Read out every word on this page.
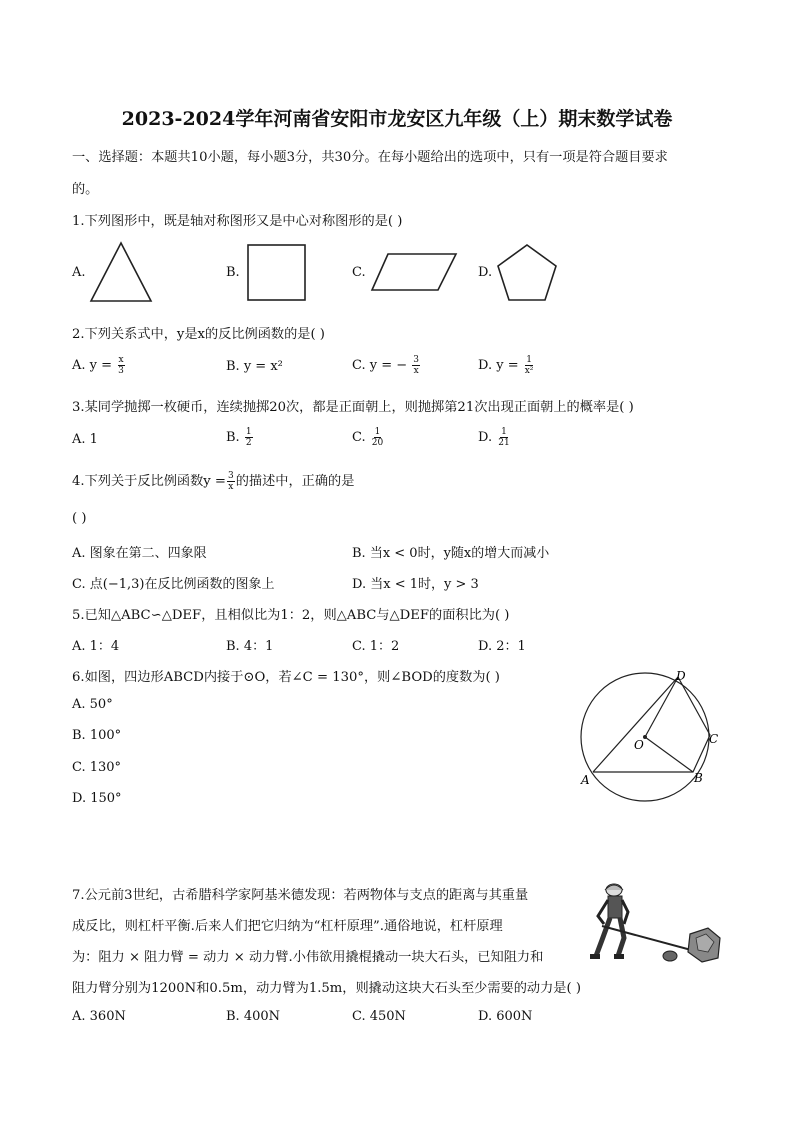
2023-2024学年河南省安阳市龙安区九年级（上）期末数学试卷
一、选择题：本题共10小题，每小题3分，共30分。在每小题给出的选项中，只有一项是符合题目要求
的。
1.下列图形中，既是轴对称图形又是中心对称图形的是( )
A.	B.	C.	D.
2.下列关系式中，y是x的反比例函数的是( )
A. $y = \frac{x}{3}$	B. y = x²	C. y = − $\frac{3}{x}$	D. $y = \frac{1}{\text{x²}}$
3.某同学抛掷一枚硬币，连续抛掷20次，都是正面朝上，则抛掷第21次出现正面朝上的概率是( )
A. 1	B. $\frac{1}{2}$	C. $\frac{1}{20}$	D. $\frac{1}{21}$
4.下列关于反比例函数$y = \frac{3}{x}$ 的描述中，正确的是
( )
A. 图象在第二、四象限	B. 当x < 0时，y随x的增大而减小
C. 点(−1,3)在反比例函数的图象上	D. 当x < 1时，y > 3
5.已知△ABC∽△DEF，且相似比为1：2，则△ABC与△DEF的面积比为( )
A. 1：4	B. 4：1	C. 1：2	D. 2：1
6.如图，四边形ABCD内接于⊙O，若∠C = 130°，则∠BOD的度数为( )
A. 50°
B. 100°
C. 130°
D. 150°
A	B
C
D
O
7.公元前3世纪，古希腊科学家阿基米德发现：若两物体与支点的距离与其重量
成反比，则杠杆平衡.后来人们把它归纳为“杠杆原理”.通俗地说，杠杆原理
为：阻力 × 阻力臂 = 动力 × 动力臂.小伟欲用撬棍撬动一块大石头，已知阻力和
阻力臂分别为1200N和0.5m，动力臂为1.5m，则撬动这块大石头至少需要的动力是( )
A. 360N	B. 400N	C. 450N	D. 600N
